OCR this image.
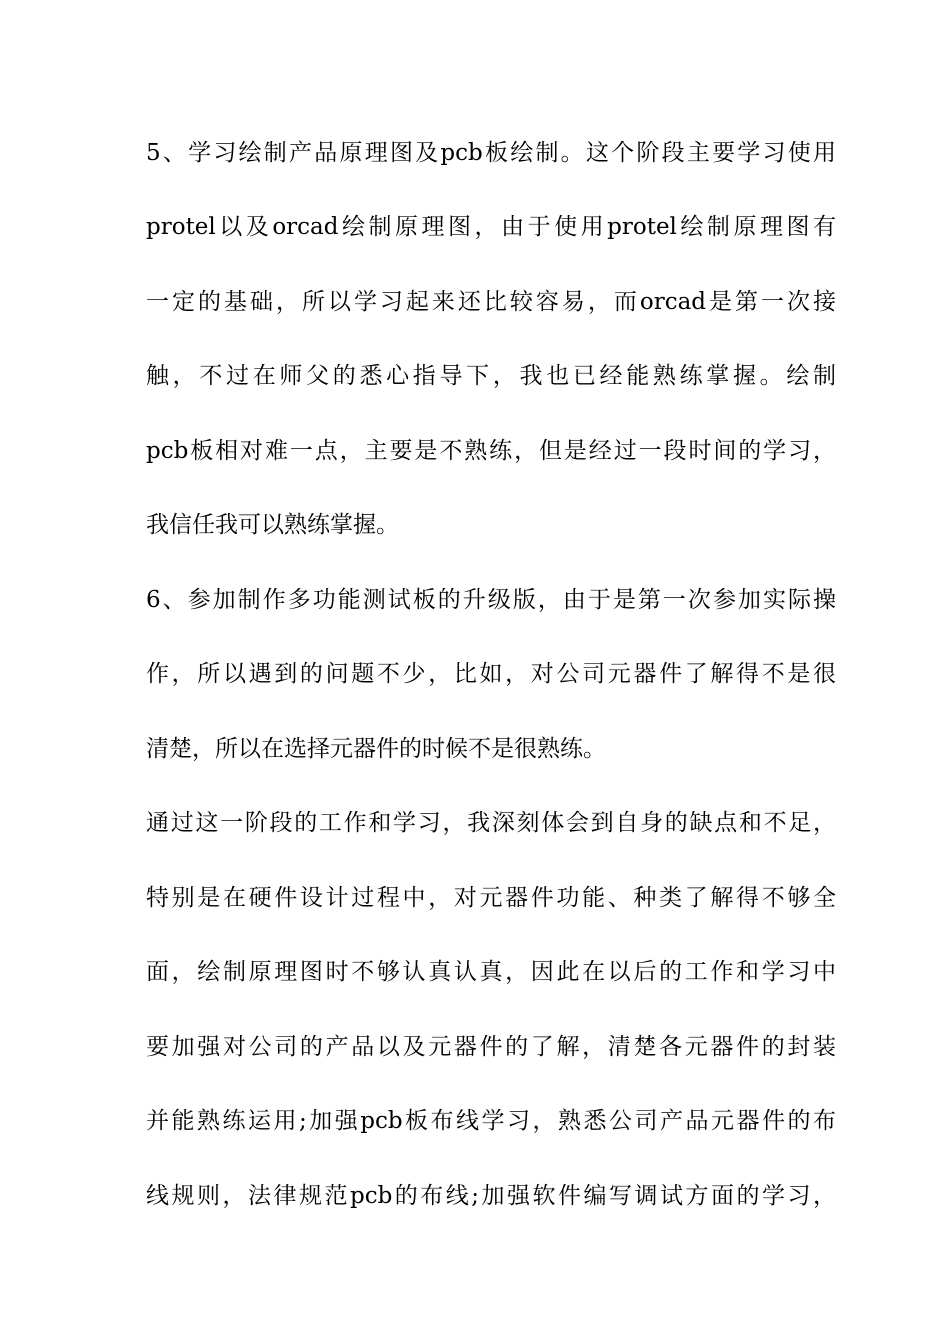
5、学习绘制产品原理图及pcb板绘制。这个阶段主要学习使用
protel以及orcad绘制原理图，由于使用protel绘制原理图有
一定的基础，所以学习起来还比较容易，而orcad是第一次接
触，不过在师父的悉心指导下，我也已经能熟练掌握。绘制
pcb板相对难一点，主要是不熟练，但是经过一段时间的学习，
我信任我可以熟练掌握。
6、参加制作多功能测试板的升级版，由于是第一次参加实际操
作，所以遇到的问题不少，比如，对公司元器件了解得不是很
清楚，所以在选择元器件的时候不是很熟练。
通过这一阶段的工作和学习，我深刻体会到自身的缺点和不足，
特别是在硬件设计过程中，对元器件功能、种类了解得不够全
面，绘制原理图时不够认真认真，因此在以后的工作和学习中
要加强对公司的产品以及元器件的了解，清楚各元器件的封装
并能熟练运用;加强pcb板布线学习，熟悉公司产品元器件的布
线规则，法律规范pcb的布线;加强软件编写调试方面的学习，
